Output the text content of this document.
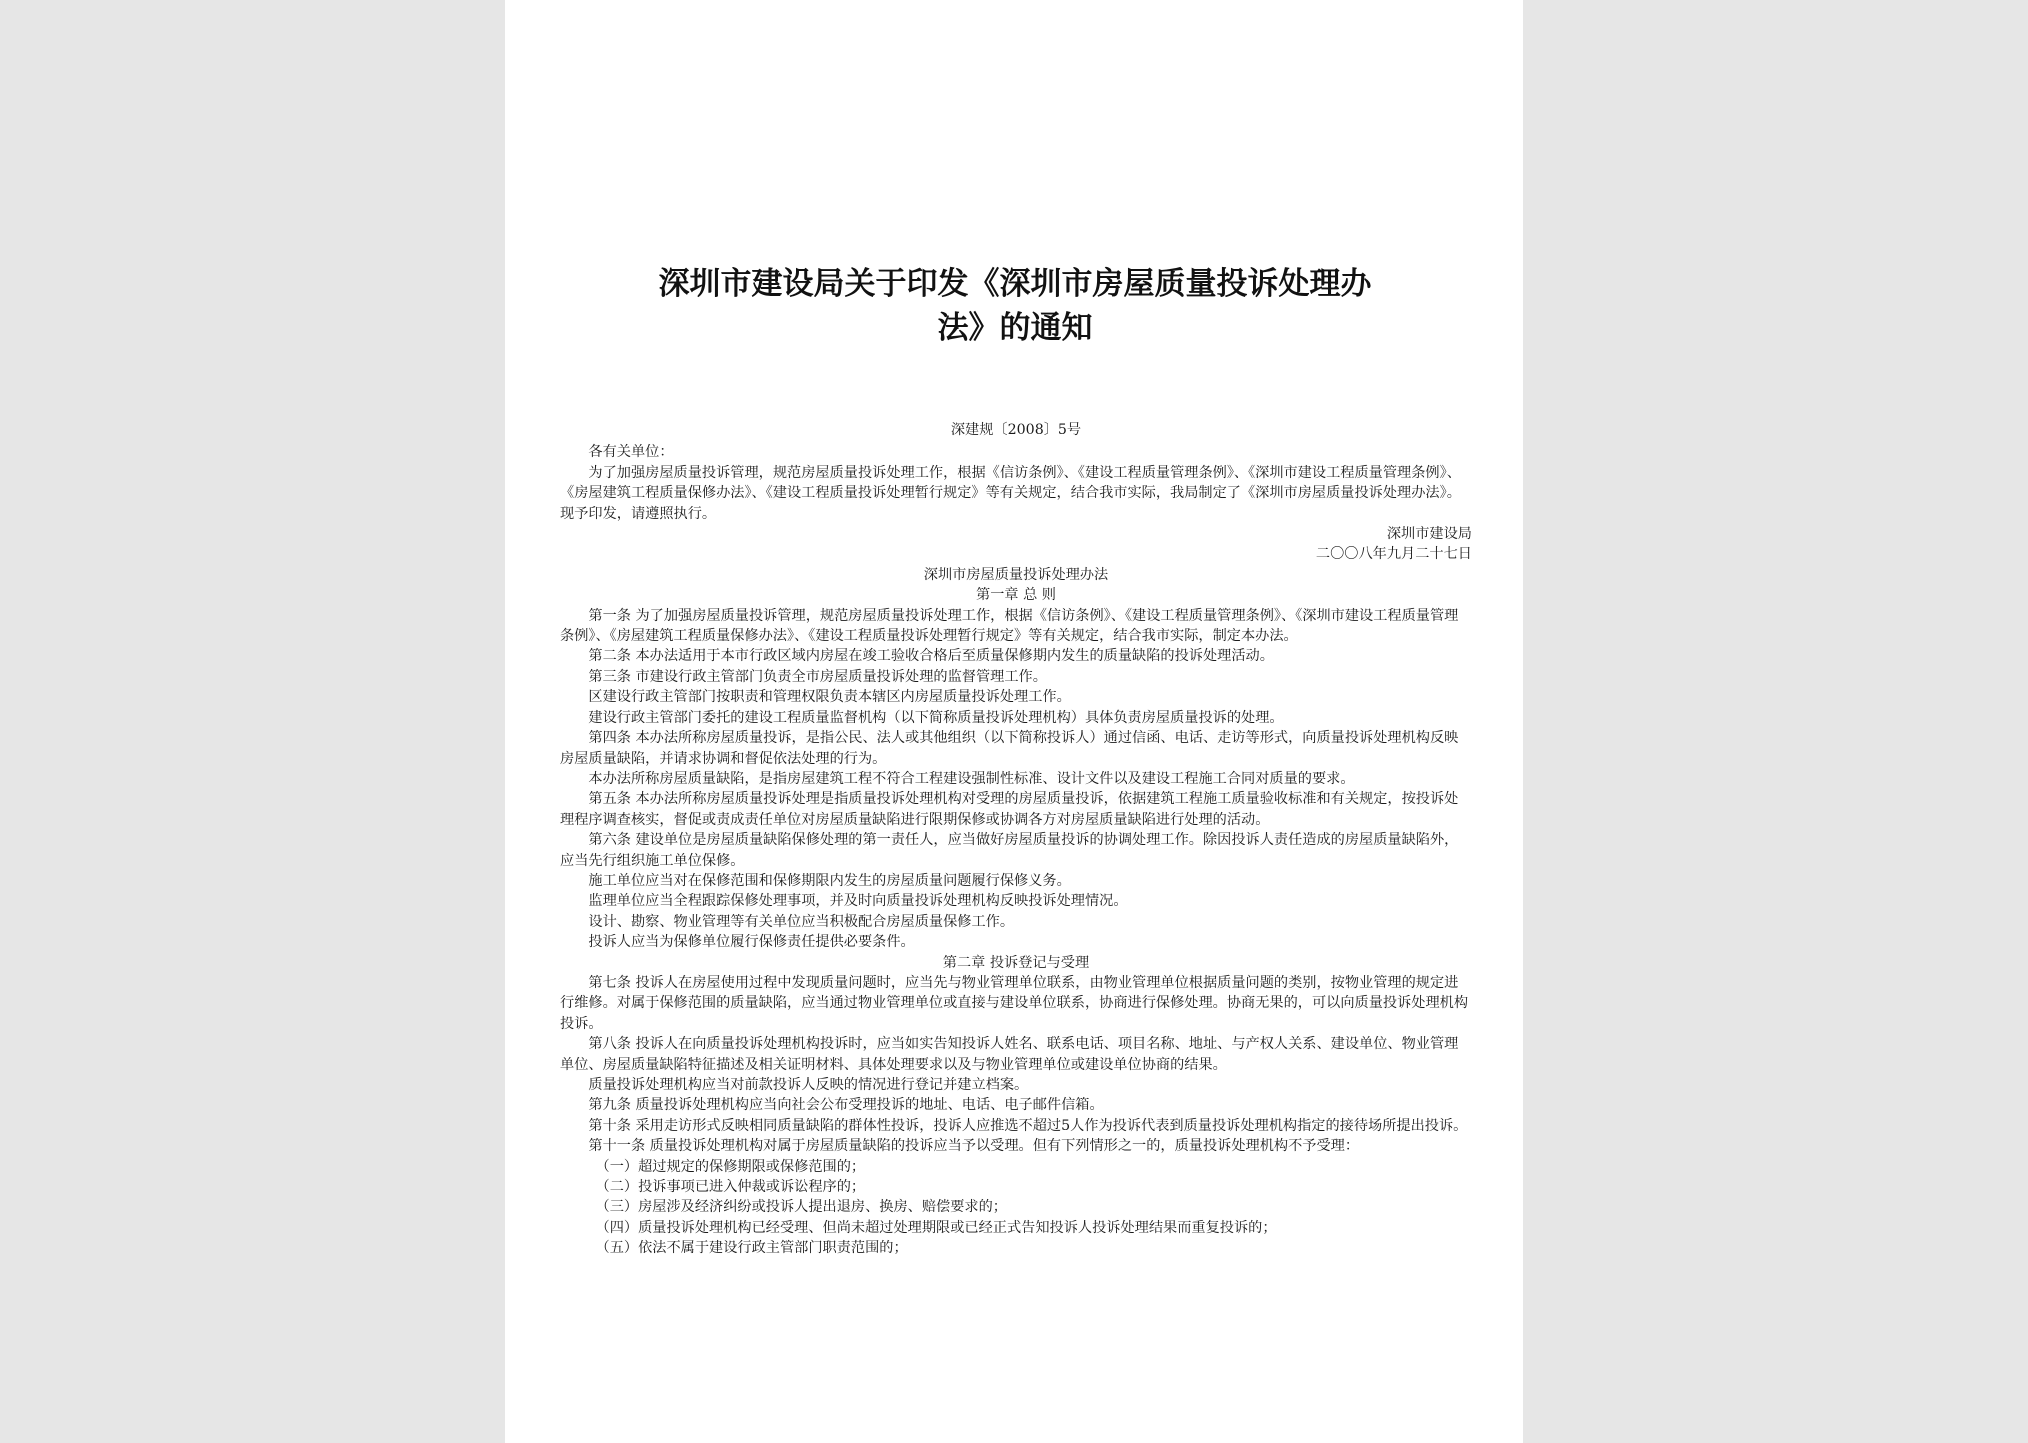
深圳市建设局关于印发《深圳市房屋质量投诉处理办
法》的通知

深建规〔2008〕5号

各有关单位：

为了加强房屋质量投诉管理，规范房屋质量投诉处理工作，根据《信访条例》、《建设工程质量管理条例》、《深圳市建设工程质量管理条例》、《房屋建筑工程质量保修办法》、《建设工程质量投诉处理暂行规定》等有关规定，结合我市实际，我局制定了《深圳市房屋质量投诉处理办法》。现予印发，请遵照执行。

深圳市建设局

二〇〇八年九月二十七日

深圳市房屋质量投诉处理办法

第一章 总 则

第一条 为了加强房屋质量投诉管理，规范房屋质量投诉处理工作，根据《信访条例》、《建设工程质量管理条例》、《深圳市建设工程质量管理条例》、《房屋建筑工程质量保修办法》、《建设工程质量投诉处理暂行规定》等有关规定，结合我市实际，制定本办法。

第二条 本办法适用于本市行政区域内房屋在竣工验收合格后至质量保修期内发生的质量缺陷的投诉处理活动。

第三条 市建设行政主管部门负责全市房屋质量投诉处理的监督管理工作。

区建设行政主管部门按职责和管理权限负责本辖区内房屋质量投诉处理工作。

建设行政主管部门委托的建设工程质量监督机构（以下简称质量投诉处理机构）具体负责房屋质量投诉的处理。

第四条 本办法所称房屋质量投诉，是指公民、法人或其他组织（以下简称投诉人）通过信函、电话、走访等形式，向质量投诉处理机构反映房屋质量缺陷，并请求协调和督促依法处理的行为。

本办法所称房屋质量缺陷，是指房屋建筑工程不符合工程建设强制性标准、设计文件以及建设工程施工合同对质量的要求。

第五条 本办法所称房屋质量投诉处理是指质量投诉处理机构对受理的房屋质量投诉，依据建筑工程施工质量验收标准和有关规定，按投诉处理程序调查核实，督促或责成责任单位对房屋质量缺陷进行限期保修或协调各方对房屋质量缺陷进行处理的活动。

第六条 建设单位是房屋质量缺陷保修处理的第一责任人，应当做好房屋质量投诉的协调处理工作。除因投诉人责任造成的房屋质量缺陷外，应当先行组织施工单位保修。

施工单位应当对在保修范围和保修期限内发生的房屋质量问题履行保修义务。

监理单位应当全程跟踪保修处理事项，并及时向质量投诉处理机构反映投诉处理情况。

设计、勘察、物业管理等有关单位应当积极配合房屋质量保修工作。

投诉人应当为保修单位履行保修责任提供必要条件。

第二章 投诉登记与受理

第七条 投诉人在房屋使用过程中发现质量问题时，应当先与物业管理单位联系，由物业管理单位根据质量问题的类别，按物业管理的规定进行维修。对属于保修范围的质量缺陷，应当通过物业管理单位或直接与建设单位联系，协商进行保修处理。协商无果的，可以向质量投诉处理机构投诉。

第八条 投诉人在向质量投诉处理机构投诉时，应当如实告知投诉人姓名、联系电话、项目名称、地址、与产权人关系、建设单位、物业管理单位、房屋质量缺陷特征描述及相关证明材料、具体处理要求以及与物业管理单位或建设单位协商的结果。

质量投诉处理机构应当对前款投诉人反映的情况进行登记并建立档案。

第九条 质量投诉处理机构应当向社会公布受理投诉的地址、电话、电子邮件信箱。

第十条 采用走访形式反映相同质量缺陷的群体性投诉，投诉人应推选不超过5人作为投诉代表到质量投诉处理机构指定的接待场所提出投诉。

第十一条 质量投诉处理机构对属于房屋质量缺陷的投诉应当予以受理。但有下列情形之一的，质量投诉处理机构不予受理：

（一）超过规定的保修期限或保修范围的；

（二）投诉事项已进入仲裁或诉讼程序的；

（三）房屋涉及经济纠纷或投诉人提出退房、换房、赔偿要求的；

（四）质量投诉处理机构已经受理、但尚未超过处理期限或已经正式告知投诉人投诉处理结果而重复投诉的；

（五）依法不属于建设行政主管部门职责范围的；
